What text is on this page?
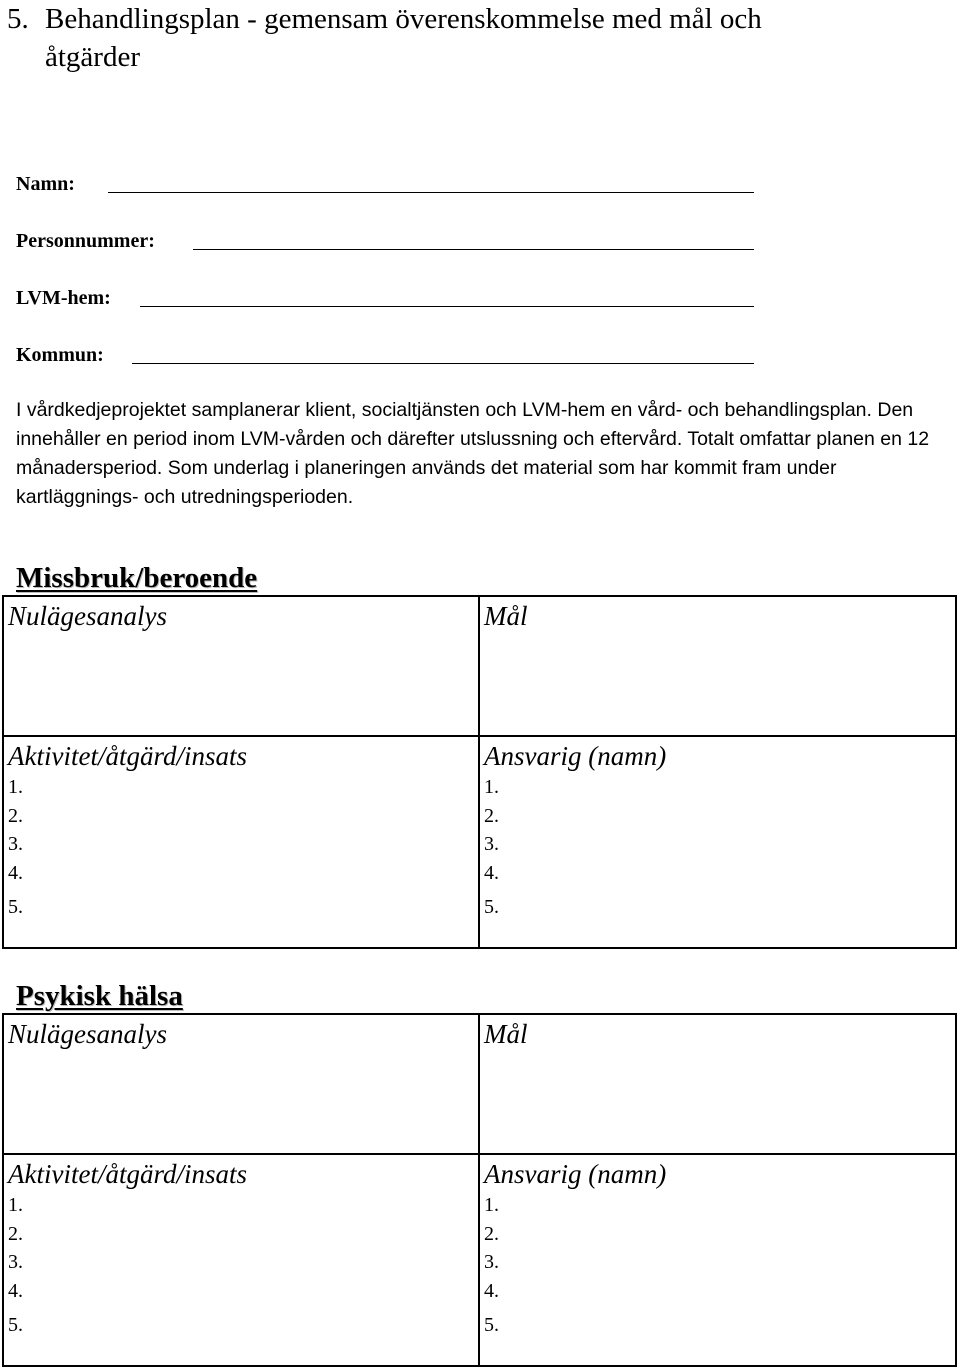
5. Behandlingsplan - gemensam överenskommelse med mål och
åtgärder
Namn:
Personnummer:
LVM-hem:
Kommun:

I vårdkedjeprojektet samplanerar klient, socialtjänsten och LVM-hem en vård- och behandlingsplan. Den innehåller en period inom LVM-vården och därefter utslussning och eftervård. Totalt omfattar planen en 12 månadersperiod. Som underlag i planeringen används det material som har kommit fram under kartläggnings- och utredningsperioden.

Missbruk/beroende
Nulägesanalys	Mål
Aktivitet/åtgärd/insats
1.
2.
3.
4.
5.
Ansvarig (namn)
1.
2.
3.
4.
5.
Psykisk hälsa
Nulägesanalys	Mål
Aktivitet/åtgärd/insats
1.
2.
3.
4.
5.
Ansvarig (namn)
1.
2.
3.
4.
5.
